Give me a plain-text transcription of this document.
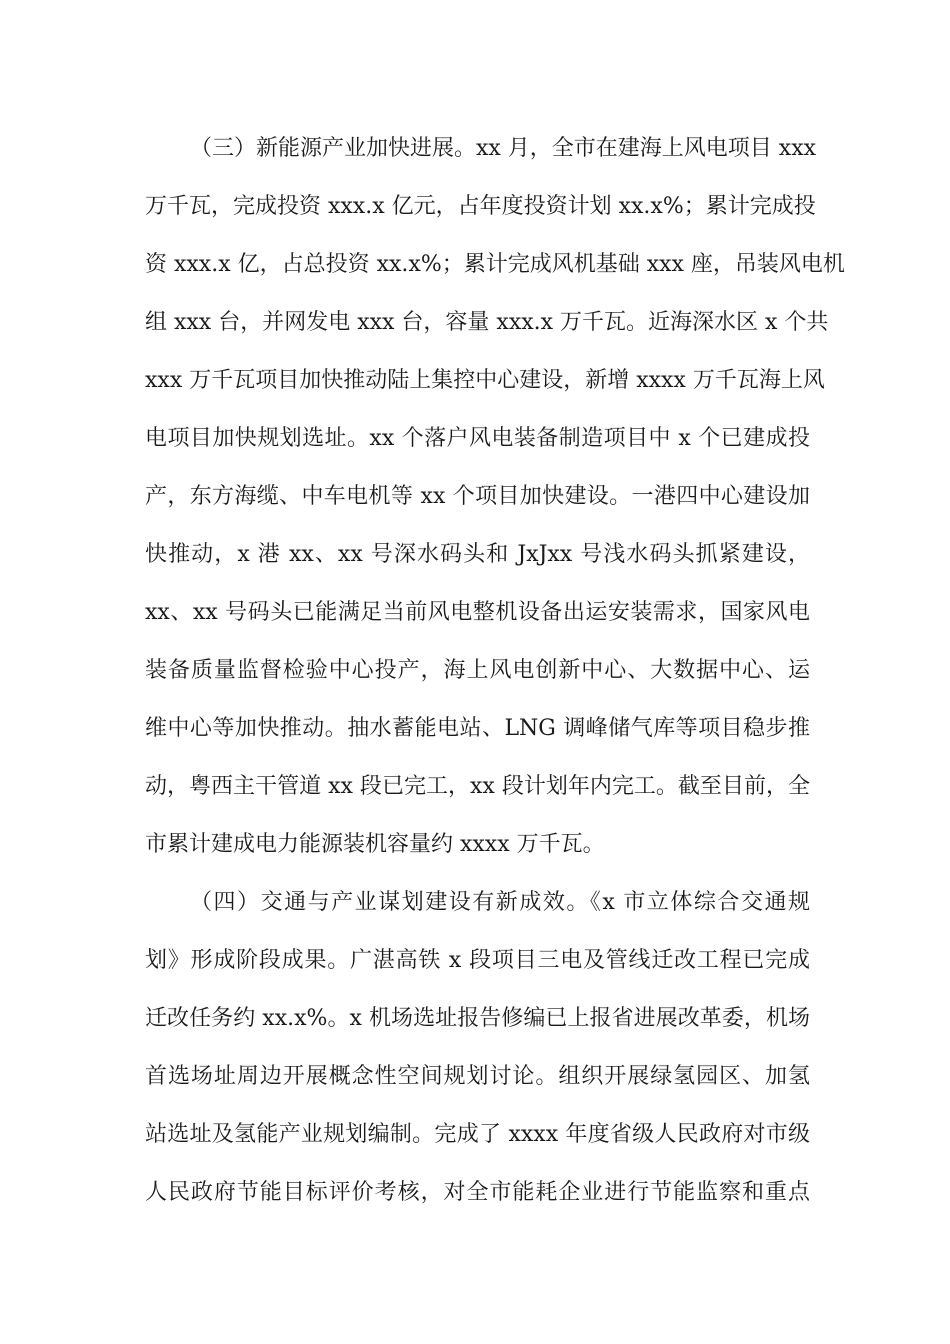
（三）新能源产业加快进展。xx 月，全市在建海上风电项目 xxx
万千瓦，完成投资 xxx.x 亿元，占年度投资计划 xx.x%；累计完成投
资 xxx.x 亿，占总投资 xx.x%；累计完成风机基础 xxx 座，吊装风电机
组 xxx 台，并网发电 xxx 台，容量 xxx.x 万千瓦。近海深水区 x 个共
xxx 万千瓦项目加快推动陆上集控中心建设，新增 xxxx 万千瓦海上风
电项目加快规划选址。xx 个落户风电装备制造项目中 x 个已建成投
产，东方海缆、中车电机等 xx 个项目加快建设。一港四中心建设加
快推动，x 港 xx、xx 号深水码头和 JxJxx 号浅水码头抓紧建设，
xx、xx 号码头已能满足当前风电整机设备出运安装需求，国家风电
装备质量监督检验中心投产，海上风电创新中心、大数据中心、运
维中心等加快推动。抽水蓄能电站、LNG 调峰储气库等项目稳步推
动，粤西主干管道 xx 段已完工，xx 段计划年内完工。截至目前，全
市累计建成电力能源装机容量约 xxxx 万千瓦。
（四）交通与产业谋划建设有新成效。《x 市立体综合交通规
划》形成阶段成果。广湛高铁 x 段项目三电及管线迁改工程已完成
迁改任务约 xx.x%。x 机场选址报告修编已上报省进展改革委，机场
首选场址周边开展概念性空间规划讨论。组织开展绿氢园区、加氢
站选址及氢能产业规划编制。完成了 xxxx 年度省级人民政府对市级
人民政府节能目标评价考核，对全市能耗企业进行节能监察和重点
